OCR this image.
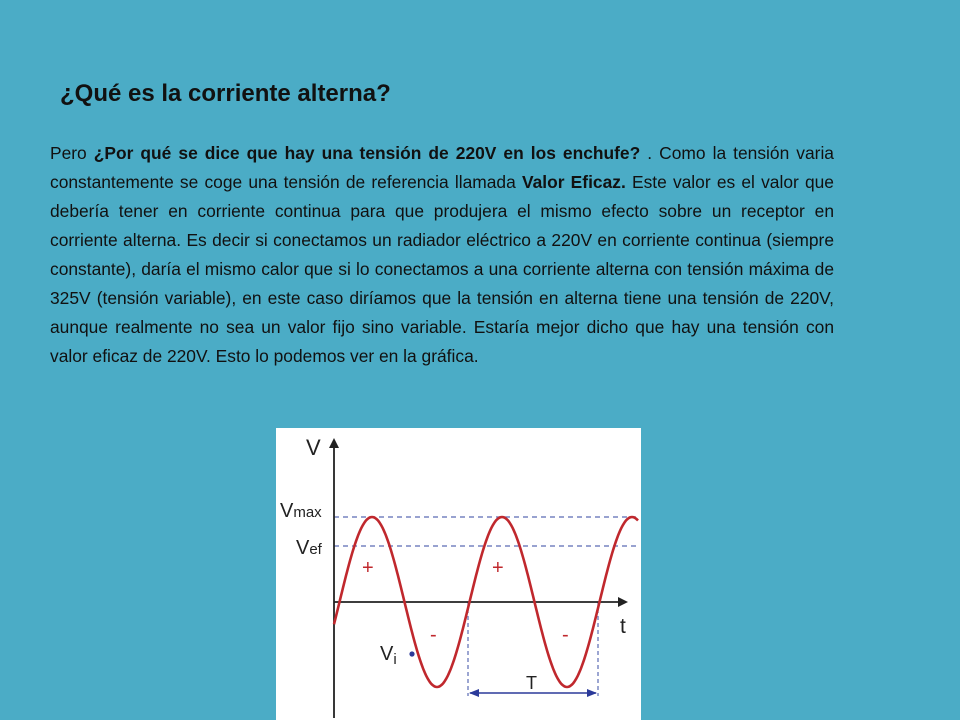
¿Qué es la corriente alterna?

Pero ¿Por qué se dice que hay una tensión de 220V en los enchufe? . Como la tensión varia constantemente se coge una tensión de referencia llamada Valor Eficaz. Este valor es el valor que debería tener en corriente continua para que produjera el mismo efecto sobre un receptor en corriente alterna. Es decir si conectamos un radiador eléctrico a 220V en corriente continua (siempre constante), daría el mismo calor que si lo conectamos a una corriente alterna con tensión máxima de 325V (tensión variable), en este caso diríamos que la tensión en alterna tiene una tensión de 220V, aunque realmente no sea un valor fijo sino variable. Estaría mejor dicho que hay una tensión con valor eficaz de 220V. Esto lo podemos ver en la gráfica.

V
t
Vmax
Vef
$V_i$
+	+
-	-
T
